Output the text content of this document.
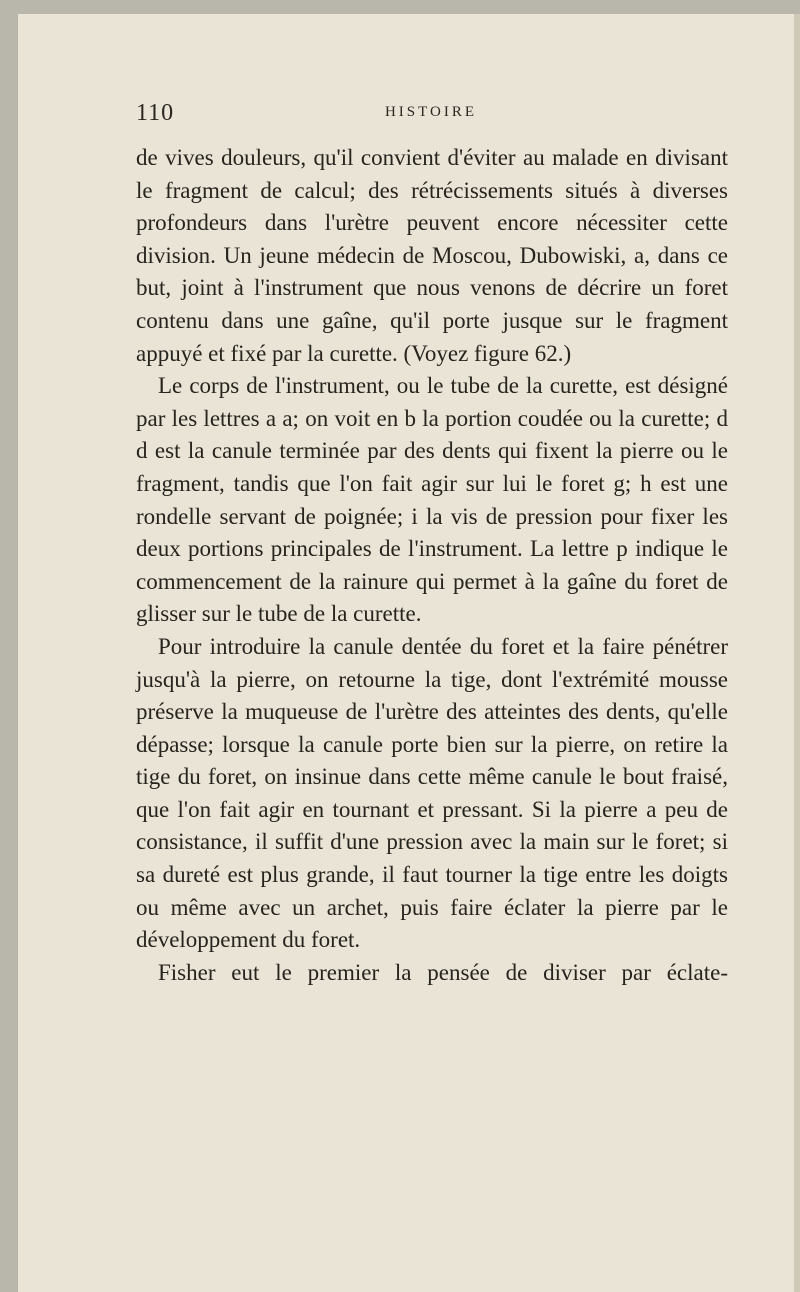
110	HISTOIRE

de vives douleurs, qu'il convient d'éviter au malade en divisant le fragment de calcul; des rétrécissements situés à diverses profondeurs dans l'urètre peuvent encore nécessiter cette division. Un jeune médecin de Moscou, Dubowiski, a, dans ce but, joint à l'instrument que nous venons de décrire un foret contenu dans une gaîne, qu'il porte jusque sur le fragment appuyé et fixé par la curette. (Voyez figure 62.)

Le corps de l'instrument, ou le tube de la curette, est désigné par les lettres a a; on voit en b la portion coudée ou la curette; d d est la canule terminée par des dents qui fixent la pierre ou le fragment, tandis que l'on fait agir sur lui le foret g; h est une rondelle servant de poignée; i la vis de pression pour fixer les deux portions principales de l'instrument. La lettre p indique le commencement de la rainure qui permet à la gaîne du foret de glisser sur le tube de la curette.

Pour introduire la canule dentée du foret et la faire pénétrer jusqu'à la pierre, on retourne la tige, dont l'extrémité mousse préserve la muqueuse de l'urètre des atteintes des dents, qu'elle dépasse; lorsque la canule porte bien sur la pierre, on retire la tige du foret, on insinue dans cette même canule le bout fraisé, que l'on fait agir en tournant et pressant. Si la pierre a peu de consistance, il suffit d'une pression avec la main sur le foret; si sa dureté est plus grande, il faut tourner la tige entre les doigts ou même avec un archet, puis faire éclater la pierre par le développement du foret.

Fisher eut le premier la pensée de diviser par éclate-
